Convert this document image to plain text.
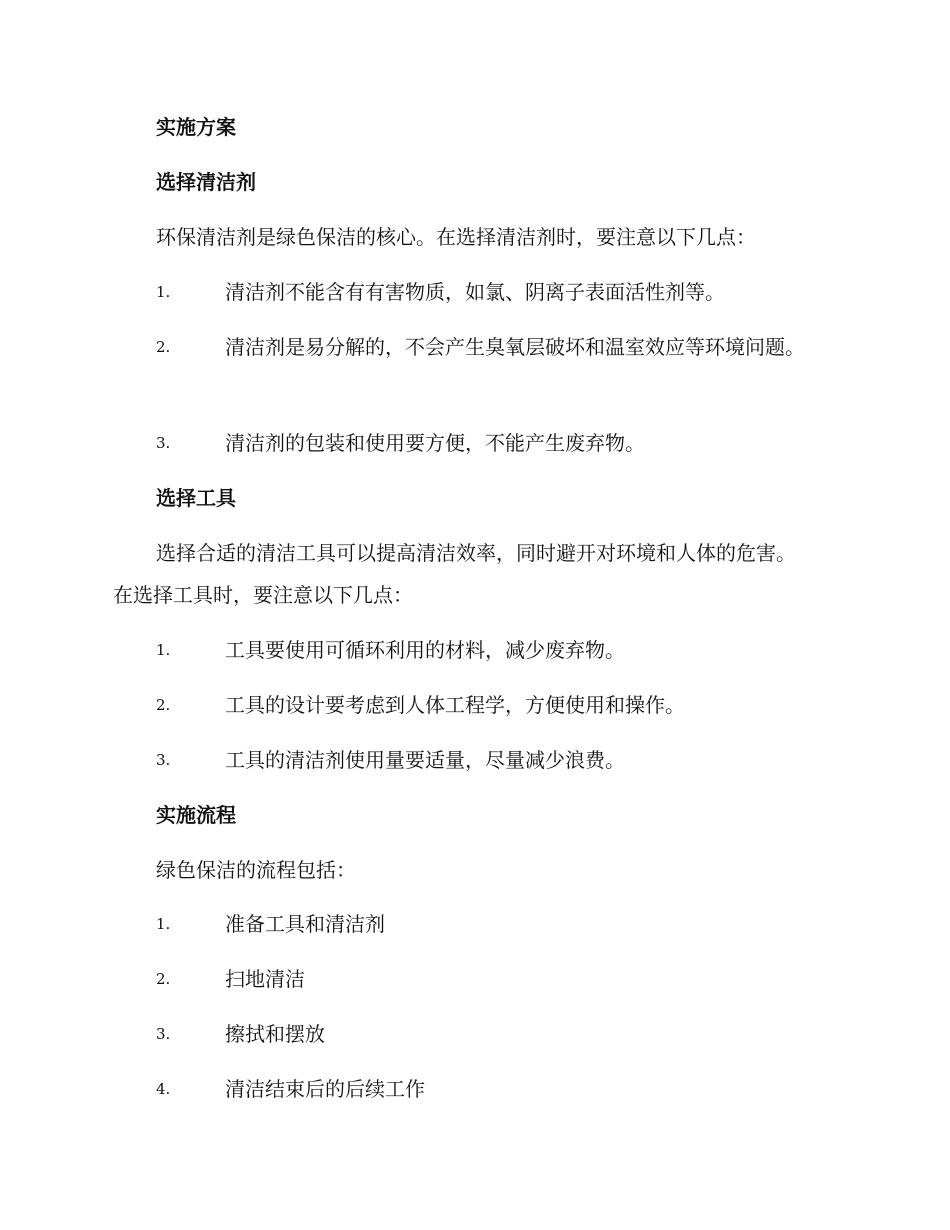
实施方案
选择清洁剂

环保清洁剂是绿色保洁的核心。在选择清洁剂时，要注意以下几点：

1.	清洁剂不能含有有害物质，如氯、阴离子表面活性剂等。
2.	清洁剂是易分解的，不会产生臭氧层破坏和温室效应等环境问题。
3.	清洁剂的包装和使用要方便，不能产生废弃物。
选择工具

选择合适的清洁工具可以提高清洁效率，同时避开对环境和人体的危害。在选择工具时，要注意以下几点：

1.	工具要使用可循环利用的材料，减少废弃物。
2.	工具的设计要考虑到人体工程学，方便使用和操作。
3.	工具的清洁剂使用量要适量，尽量减少浪费。
实施流程

绿色保洁的流程包括：

1.	准备工具和清洁剂
2.	扫地清洁
3.	擦拭和摆放
4.	清洁结束后的后续工作
